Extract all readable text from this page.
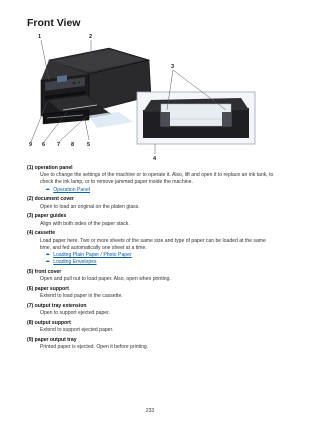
Front View
1	2
3
4
5
6 7 8
9
(1) operation panel
Use to change the settings of the machine or to operate it. Also, lift and open it to replace an ink tank, to check the ink lamp, or to remove jammed paper inside the machine.
➨ Operation Panel
(2) document cover
Open to load an original on the platen glass.
(3) paper guides
Align with both sides of the paper stack.
(4) cassette
Load paper here. Two or more sheets of the same size and type of paper can be loaded at the same time, and fed automatically one sheet at a time.
➨ Loading Plain Paper / Photo Paper
➨ Loading Envelopes
(5) front cover
Open and pull out to load paper. Also, open when printing.
(6) paper support
Extend to load paper in the cassette.
(7) output tray extension
Open to support ejected paper.
(8) output support
Extend to support ejected paper.
(9) paper output tray
Printed paper is ejected. Open it before printing.
233
